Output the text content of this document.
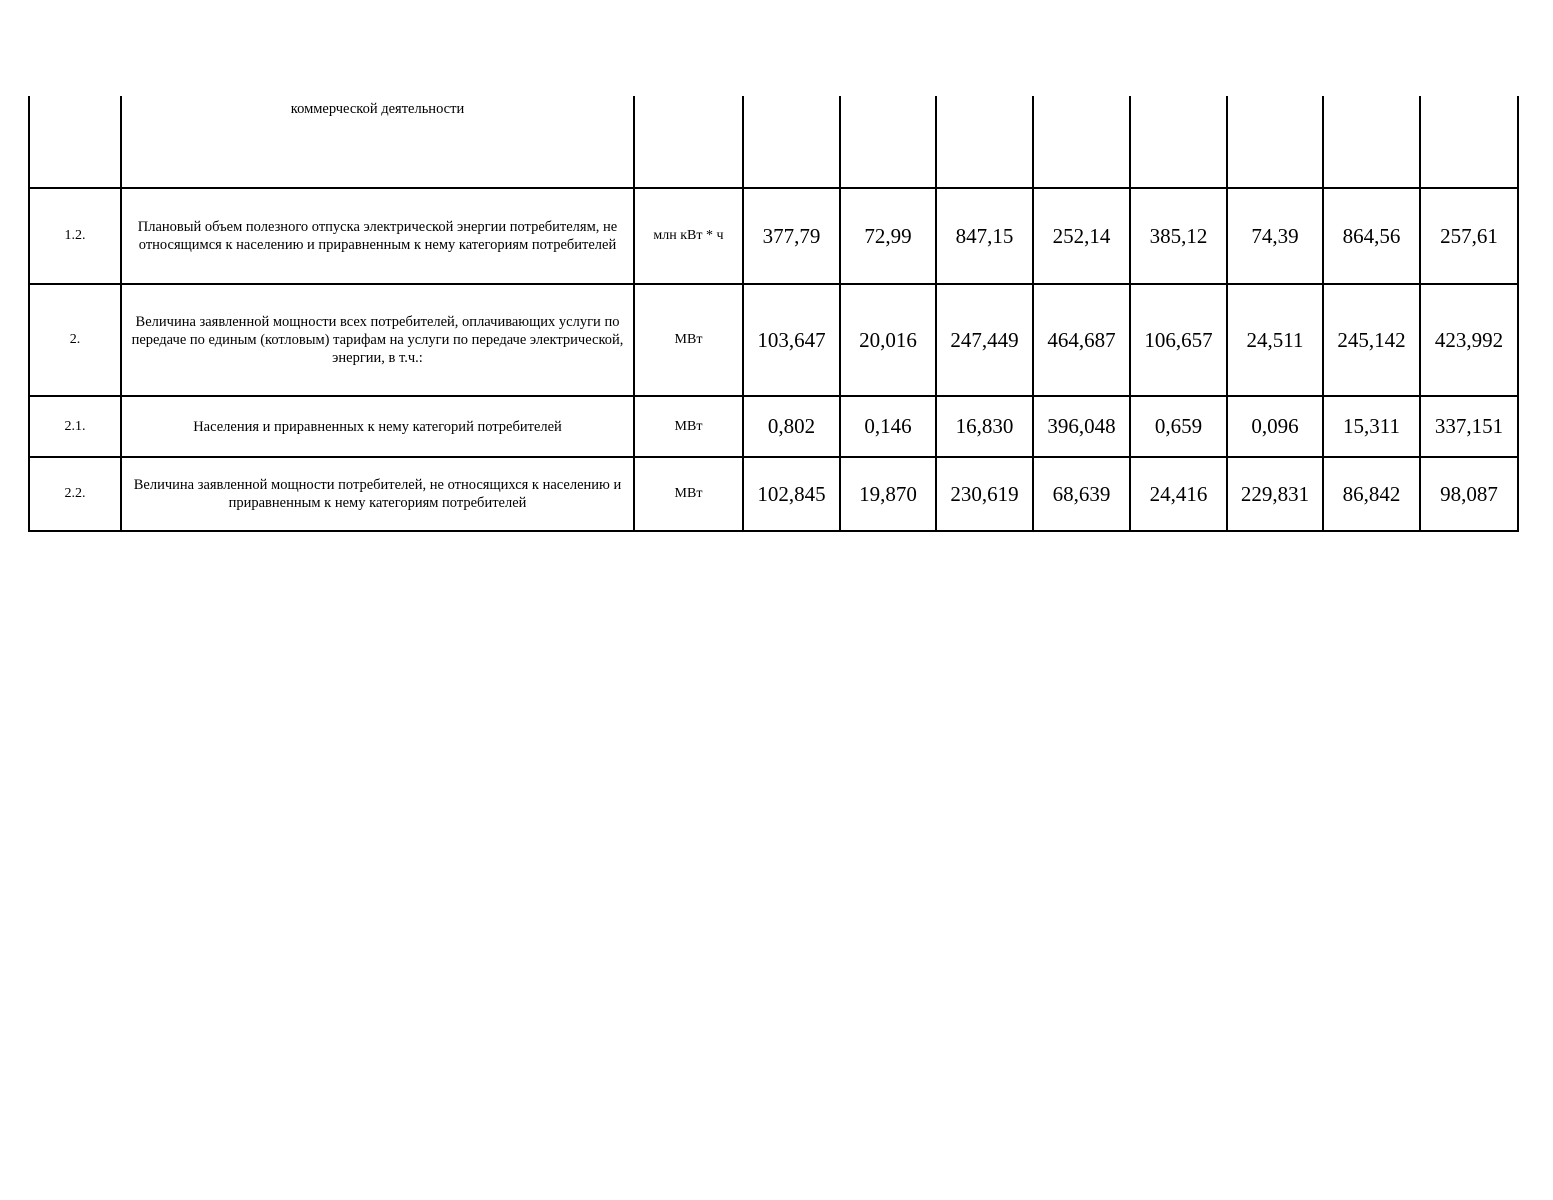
	коммерческой деятельности									
1.2.	Плановый объем полезного отпуска электрической энергии потребителям, не относящимся к населению и приравненным к нему категориям потребителей	млн кВт * ч	377,79	72,99	847,15	252,14	385,12	74,39	864,56	257,61
2.	Величина заявленной мощности всех потребителей, оплачивающих услуги по передаче по единым (котловым) тарифам на услуги по передаче электрической, энергии, в т.ч.:	МВт	103,647	20,016	247,449	464,687	106,657	24,511	245,142	423,992
2.1.	Населения и приравненных к нему категорий потребителей	МВт	0,802	0,146	16,830	396,048	0,659	0,096	15,311	337,151
2.2.	Величина заявленной мощности потребителей, не относящихся к населению и приравненным к нему категориям потребителей	МВт	102,845	19,870	230,619	68,639	24,416	229,831	86,842	98,087
